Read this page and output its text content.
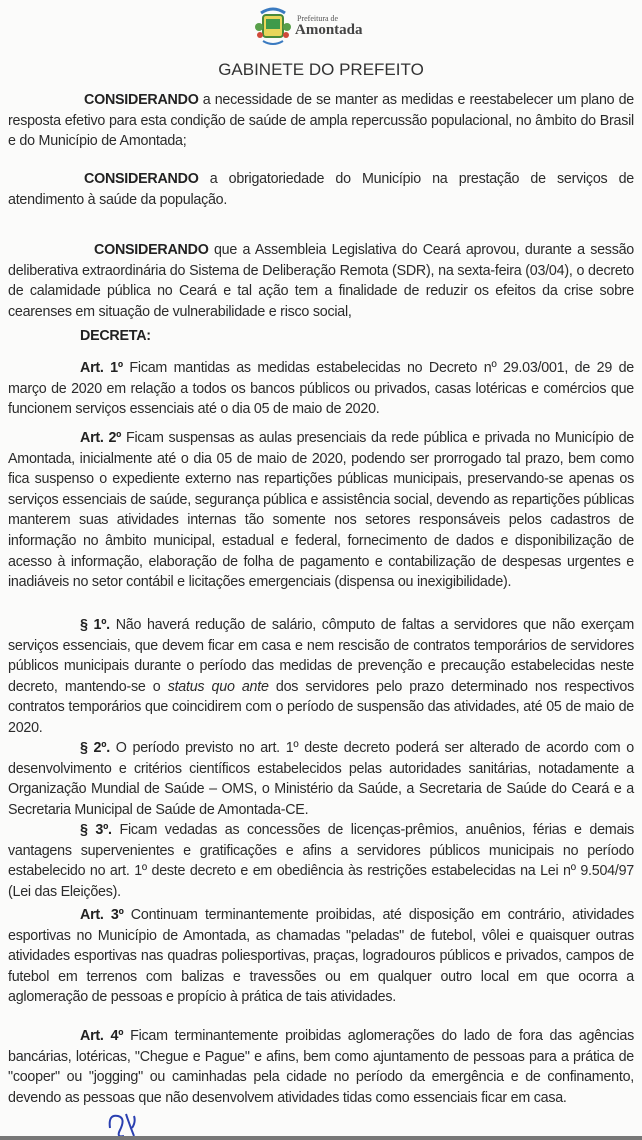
Prefeitura de
Amontada
GABINETE DO PREFEITO

CONSIDERANDO a necessidade de se manter as medidas e reestabelecer um plano de resposta efetivo para esta condição de saúde de ampla repercussão populacional, no âmbito do Brasil e do Município de Amontada;

CONSIDERANDO a obrigatoriedade do Município na prestação de serviços de atendimento à saúde da população.

CONSIDERANDO que a Assembleia Legislativa do Ceará aprovou, durante a sessão deliberativa extraordinária do Sistema de Deliberação Remota (SDR), na sexta-feira (03/04), o decreto de calamidade pública no Ceará e tal ação tem a finalidade de reduzir os efeitos da crise sobre cearenses em situação de vulnerabilidade e risco social,

DECRETA:

Art. 1º Ficam mantidas as medidas estabelecidas no Decreto nº 29.03/001, de 29 de março de 2020 em relação a todos os bancos públicos ou privados, casas lotéricas e comércios que funcionem serviços essenciais até o dia 05 de maio de 2020.

Art. 2º Ficam suspensas as aulas presenciais da rede pública e privada no Município de Amontada, inicialmente até o dia 05 de maio de 2020, podendo ser prorrogado tal prazo, bem como fica suspenso o expediente externo nas repartições públicas municipais, preservando-se apenas os serviços essenciais de saúde, segurança pública e assistência social, devendo as repartições públicas manterem suas atividades internas tão somente nos setores responsáveis pelos cadastros de informação no âmbito municipal, estadual e federal, fornecimento de dados e disponibilização de acesso à informação, elaboração de folha de pagamento e contabilização de despesas urgentes e inadiáveis no setor contábil e licitações emergenciais (dispensa ou inexigibilidade).

§ 1º. Não haverá redução de salário, cômputo de faltas a servidores que não exerçam serviços essenciais, que devem ficar em casa e nem rescisão de contratos temporários de servidores públicos municipais durante o período das medidas de prevenção e precaução estabelecidas neste decreto, mantendo-se o status quo ante dos servidores pelo prazo determinado nos respectivos contratos temporários que coincidirem com o período de suspensão das atividades, até 05 de maio de 2020.

§ 2º. O período previsto no art. 1º deste decreto poderá ser alterado de acordo com o desenvolvimento e critérios científicos estabelecidos pelas autoridades sanitárias, notadamente a Organização Mundial de Saúde – OMS, o Ministério da Saúde, a Secretaria de Saúde do Ceará e a Secretaria Municipal de Saúde de Amontada-CE.

§ 3º. Ficam vedadas as concessões de licenças-prêmios, anuênios, férias e demais vantagens supervenientes e gratificações e afins a servidores públicos municipais no período estabelecido no art. 1º deste decreto e em obediência às restrições estabelecidas na Lei nº 9.504/97 (Lei das Eleições).

Art. 3º Continuam terminantemente proibidas, até disposição em contrário, atividades esportivas no Município de Amontada, as chamadas "peladas" de futebol, vôlei e quaisquer outras atividades esportivas nas quadras poliesportivas, praças, logradouros públicos e privados, campos de futebol em terrenos com balizas e travessões ou em qualquer outro local em que ocorra a aglomeração de pessoas e propício à prática de tais atividades.

Art. 4º Ficam terminantemente proibidas aglomerações do lado de fora das agências bancárias, lotéricas, "Chegue e Pague" e afins, bem como ajuntamento de pessoas para a prática de "cooper" ou "jogging" ou caminhadas pela cidade no período da emergência e de confinamento, devendo as pessoas que não desenvolvem atividades tidas como essenciais ficar em casa.
